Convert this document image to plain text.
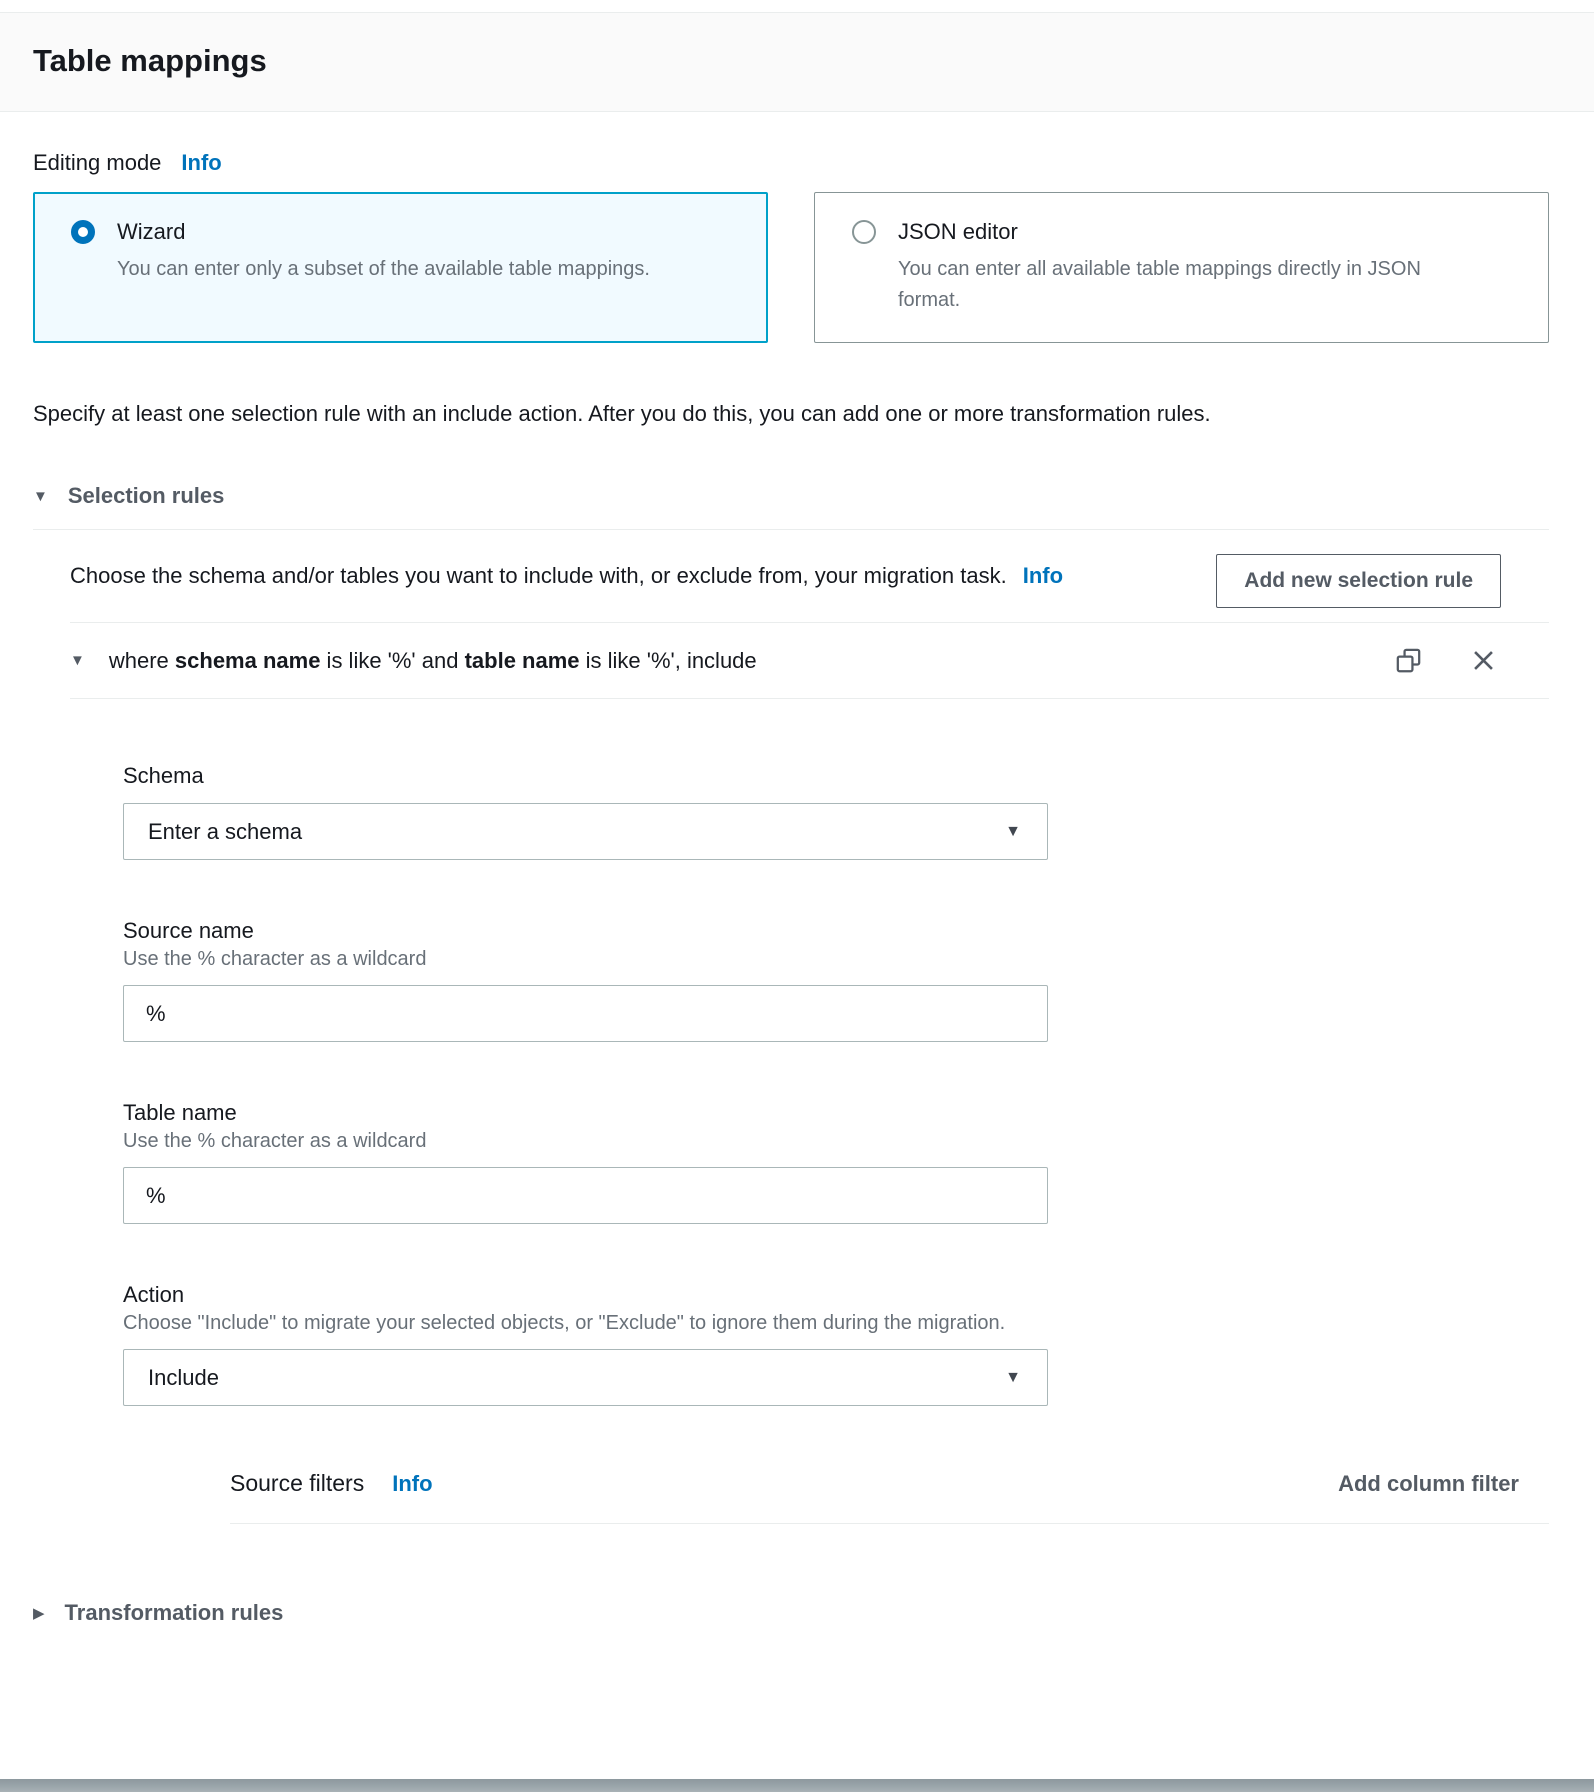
Table mappings
Editing mode Info
Wizard

You can enter only a subset of the available table mappings.

JSON editor

You can enter all available table mappings directly in JSON format.

Specify at least one selection rule with an include action. After you do this, you can add one or more transformation rules.

▼ Selection rules

Choose the schema and/or tables you want to include with, or exclude from, your migration task. Info	Add new selection rule
▼ where schema name is like '%' and table name is like '%', include
Schema
Enter a schema	▼
Source name
Use the % character as a wildcard
%
Table name
Use the % character as a wildcard
%
Action
Choose "Include" to migrate your selected objects, or "Exclude" to ignore them during the migration.
Include	▼
Source filters Info	Add column filter
▶ Transformation rules
